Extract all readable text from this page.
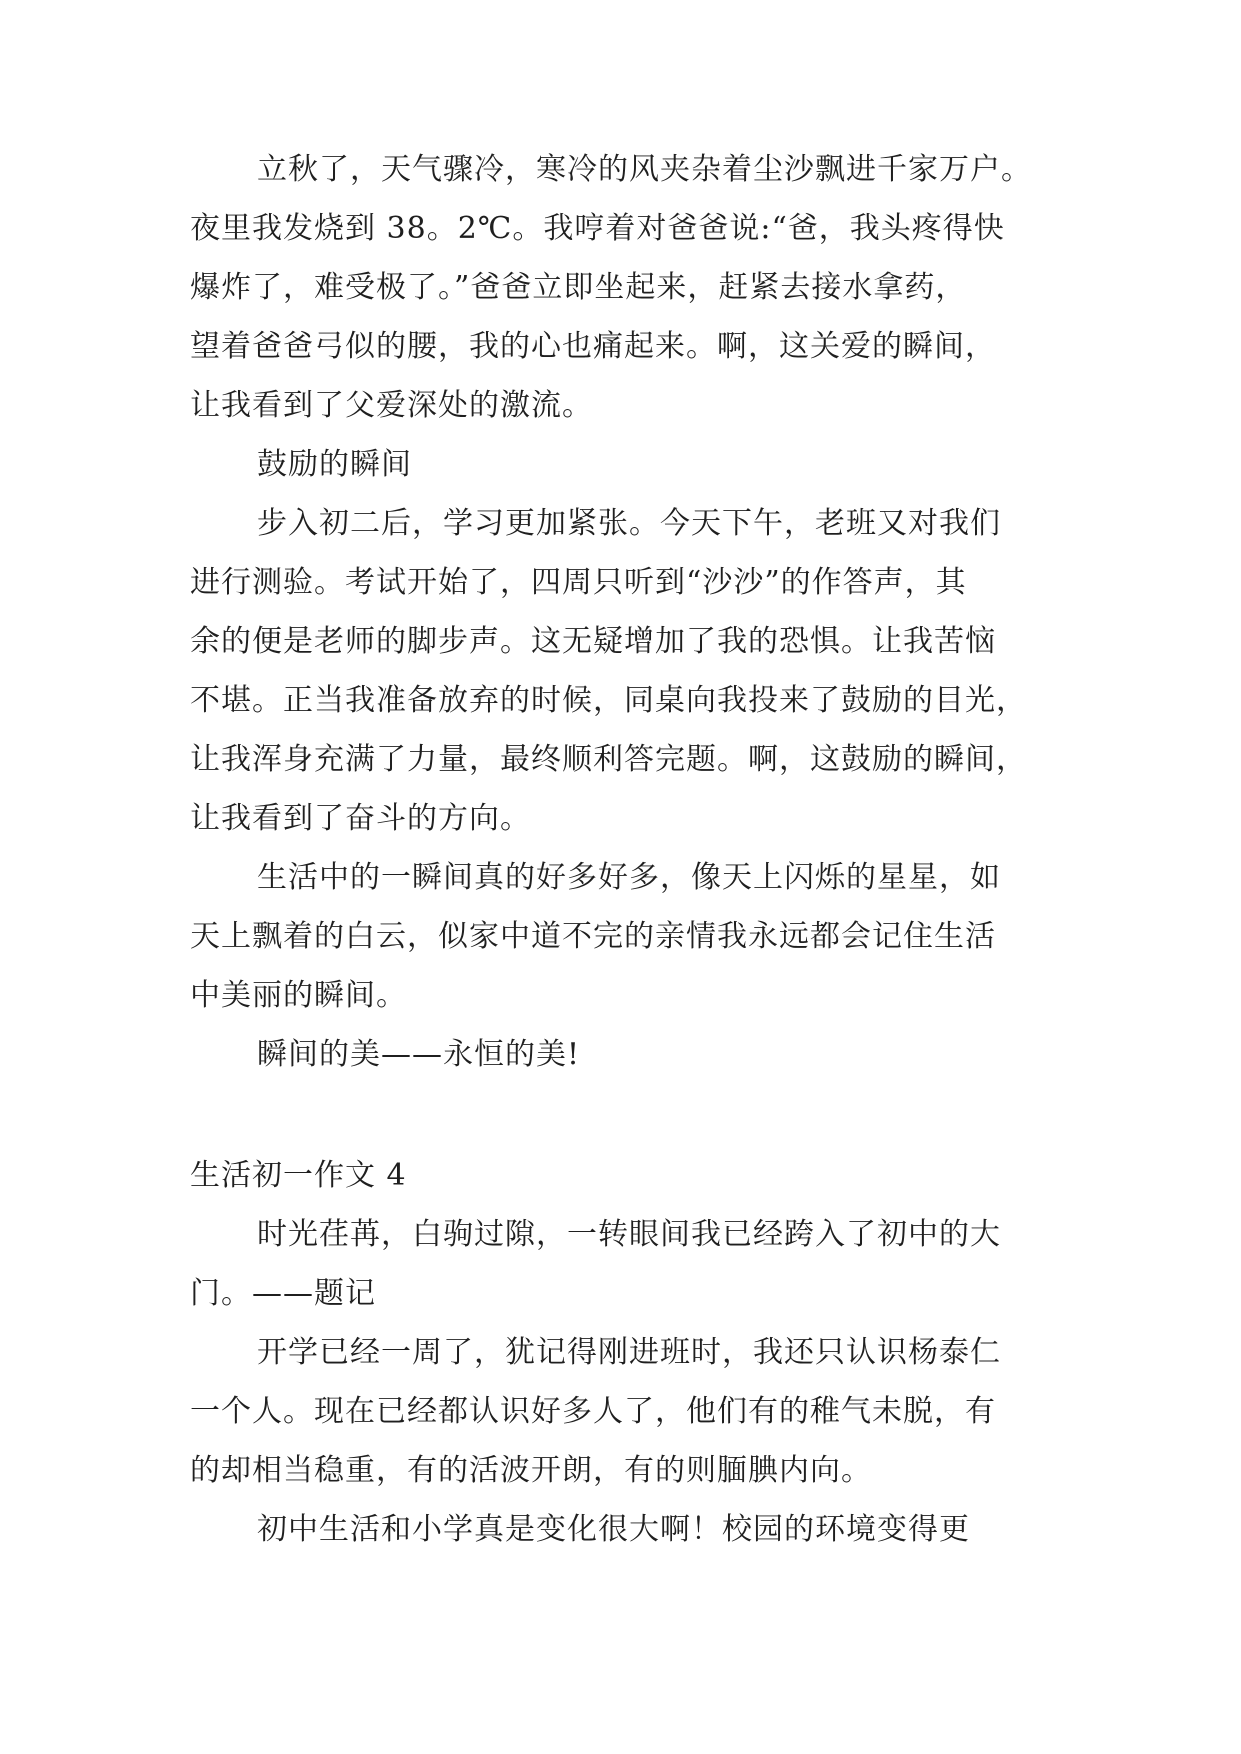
立秋了，天气骤冷，寒冷的风夹杂着尘沙飘进千家万户。
夜里我发烧到 38。2℃。我哼着对爸爸说:“爸，我头疼得快
爆炸了，难受极了。”爸爸立即坐起来，赶紧去接水拿药，
望着爸爸弓似的腰，我的心也痛起来。啊，这关爱的瞬间，
让我看到了父爱深处的激流。
鼓励的瞬间
步入初二后，学习更加紧张。今天下午，老班又对我们
进行测验。考试开始了，四周只听到“沙沙”的作答声，其
余的便是老师的脚步声。这无疑增加了我的恐惧。让我苦恼
不堪。正当我准备放弃的时候，同桌向我投来了鼓励的目光，
让我浑身充满了力量，最终顺利答完题。啊，这鼓励的瞬间，
让我看到了奋斗的方向。
生活中的一瞬间真的好多好多，像天上闪烁的星星，如
天上飘着的白云，似家中道不完的亲情我永远都会记住生活
中美丽的瞬间。
瞬间的美——永恒的美!
生活初一作文 4
时光荏苒，白驹过隙，一转眼间我已经跨入了初中的大
门。——题记
开学已经一周了，犹记得刚进班时，我还只认识杨泰仁
一个人。现在已经都认识好多人了，他们有的稚气未脱，有
的却相当稳重，有的活波开朗，有的则腼腆内向。
初中生活和小学真是变化很大啊！校园的环境变得更
